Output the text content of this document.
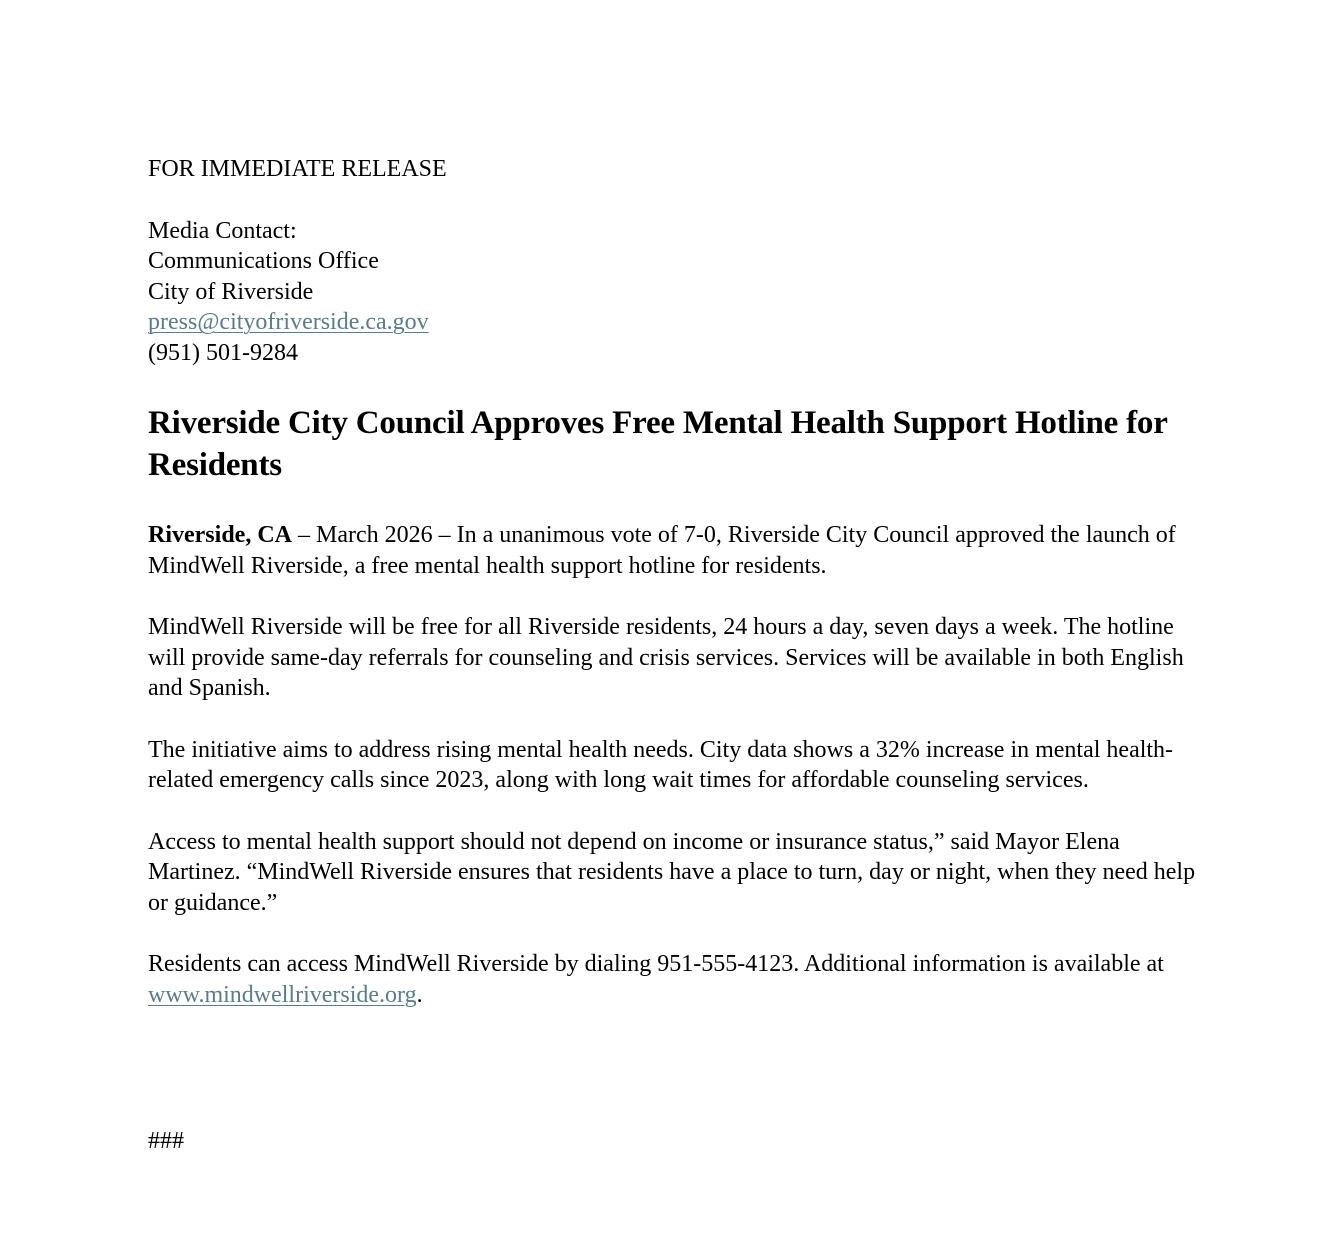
FOR IMMEDIATE RELEASE
Media Contact:
Communications Office
City of Riverside
press@cityofriverside.ca.gov
(951) 501-9284
Riverside City Council Approves Free Mental Health Support Hotline for Residents

Riverside, CA – March 2026 – In a unanimous vote of 7-0, Riverside City Council approved the launch of MindWell Riverside, a free mental health support hotline for residents.

MindWell Riverside will be free for all Riverside residents, 24 hours a day, seven days a week. The hotline will provide same-day referrals for counseling and crisis services. Services will be available in both English and Spanish.

The initiative aims to address rising mental health needs. City data shows a 32% increase in mental health-related emergency calls since 2023, along with long wait times for affordable counseling services.

Access to mental health support should not depend on income or insurance status,” said Mayor Elena Martinez. “MindWell Riverside ensures that residents have a place to turn, day or night, when they need help or guidance.”

Residents can access MindWell Riverside by dialing 951-555-4123. Additional information is available at www.mindwellriverside.org.

###
